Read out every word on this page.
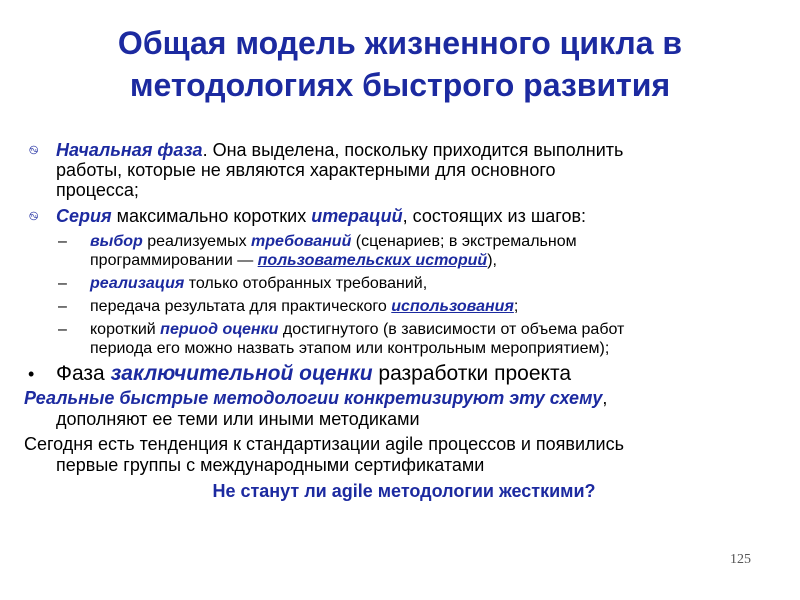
Общая модель жизненного цикла в
методологиях быстрого развития
࿊ Начальная фаза. Она выделена, поскольку приходится выполнить
работы, которые не являются характерными для основного
процесса;
࿊ Серия максимально коротких итераций, состоящих из шагов:
– выбор реализуемых требований (сценариев; в экстремальном
программировании — пользовательских историй),
– реализация только отобранных требований,
– передача результата для практического использования;
– короткий период оценки достигнутого (в зависимости от объема работ
периода его можно назвать этапом или контрольным мероприятием);
• Фаза заключительной оценки разработки проекта
Реальные быстрые методологии конкретизируют эту схему,
дополняют ее теми или иными методиками
Сегодня есть тенденция к стандартизации agile процессов и появились
первые группы с международными сертификатами
Не станут ли agile методологии жесткими?
125
